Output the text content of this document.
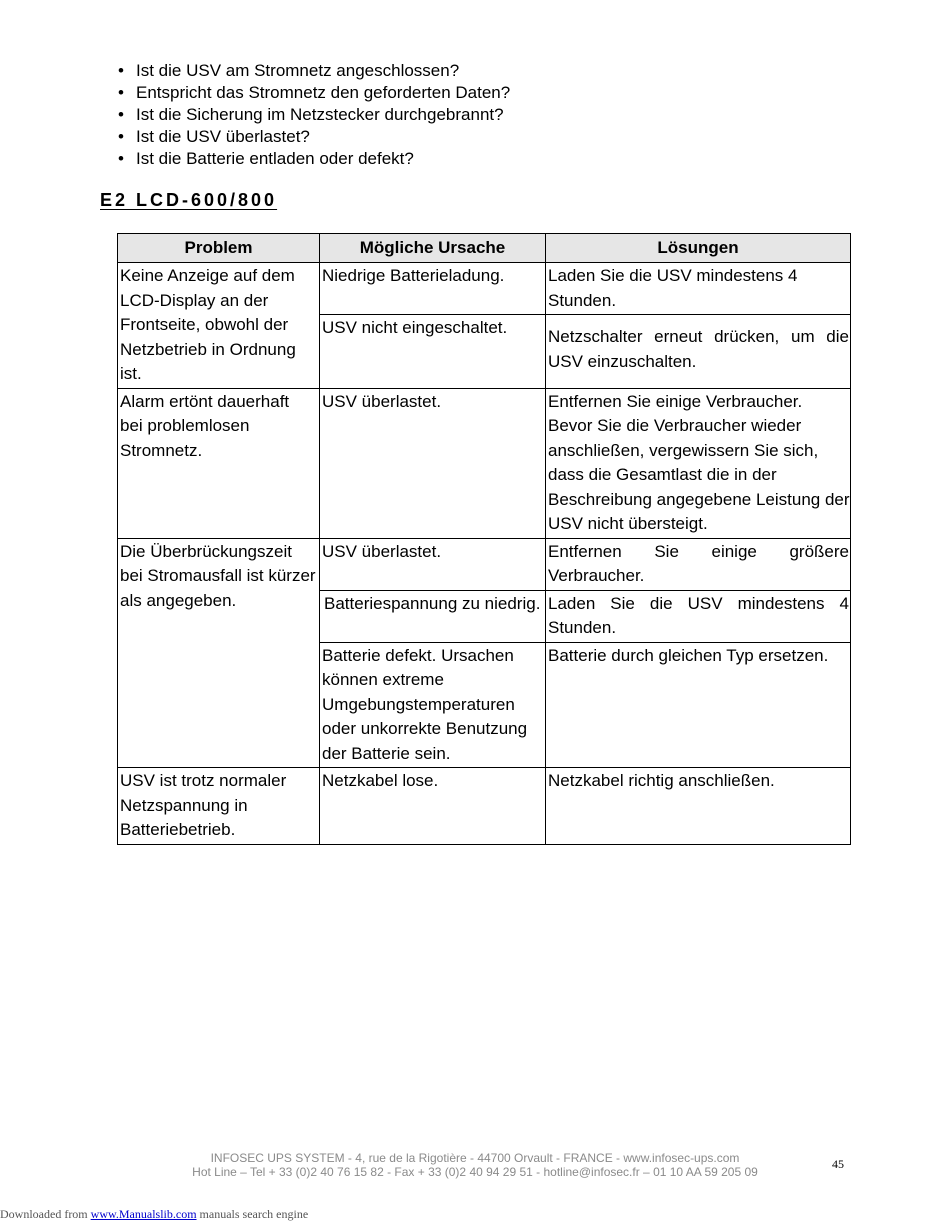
• Ist die USV am Stromnetz angeschlossen?
• Entspricht das Stromnetz den geforderten Daten?
• Ist die Sicherung im Netzstecker durchgebrannt?
• Ist die USV überlastet?
• Ist die Batterie entladen oder defekt?
E2 LCD-600/800
Problem	Mögliche Ursache	Lösungen
Keine Anzeige auf dem LCD-Display an der Frontseite, obwohl der Netzbetrieb in Ordnung ist.	Niedrige Batterieladung.	Laden Sie die USV mindestens 4 Stunden.
	USV nicht eingeschaltet.	Netzschalter erneut drücken, um die USV einzuschalten.

Alarm ertönt dauerhaft bei problemlosen Stromnetz.	USV überlastet.	Entfernen Sie einige Verbraucher. Bevor Sie die Verbraucher wieder anschließen, vergewissern Sie sich, dass die Gesamtlast die in der Beschreibung angegebene Leistung der USV nicht übersteigt.
Die Überbrückungszeit bei Stromausfall ist kürzer als angegeben.	USV überlastet.	Entfernen Sie einige größere Verbraucher.

	Batteriespannung zu niedrig.	Laden Sie die USV mindestens 4 Stunden.
	Batterie defekt. Ursachen können extreme Umgebungstemperaturen oder unkorrekte Benutzung der Batterie sein.	Batterie durch gleichen Typ ersetzen.
USV ist trotz normaler Netzspannung in Batteriebetrieb.	Netzkabel lose.	Netzkabel richtig anschließen.
INFOSEC UPS SYSTEM - 4, rue de la Rigotière - 44700 Orvault - FRANCE - www.infosec-ups.com
Hot Line – Tel + 33 (0)2 40 76 15 82 - Fax + 33 (0)2 40 94 29 51 - hotline@infosec.fr – 01 10 AA 59 205 09
45
Downloaded from www.Manualslib.com manuals search engine
